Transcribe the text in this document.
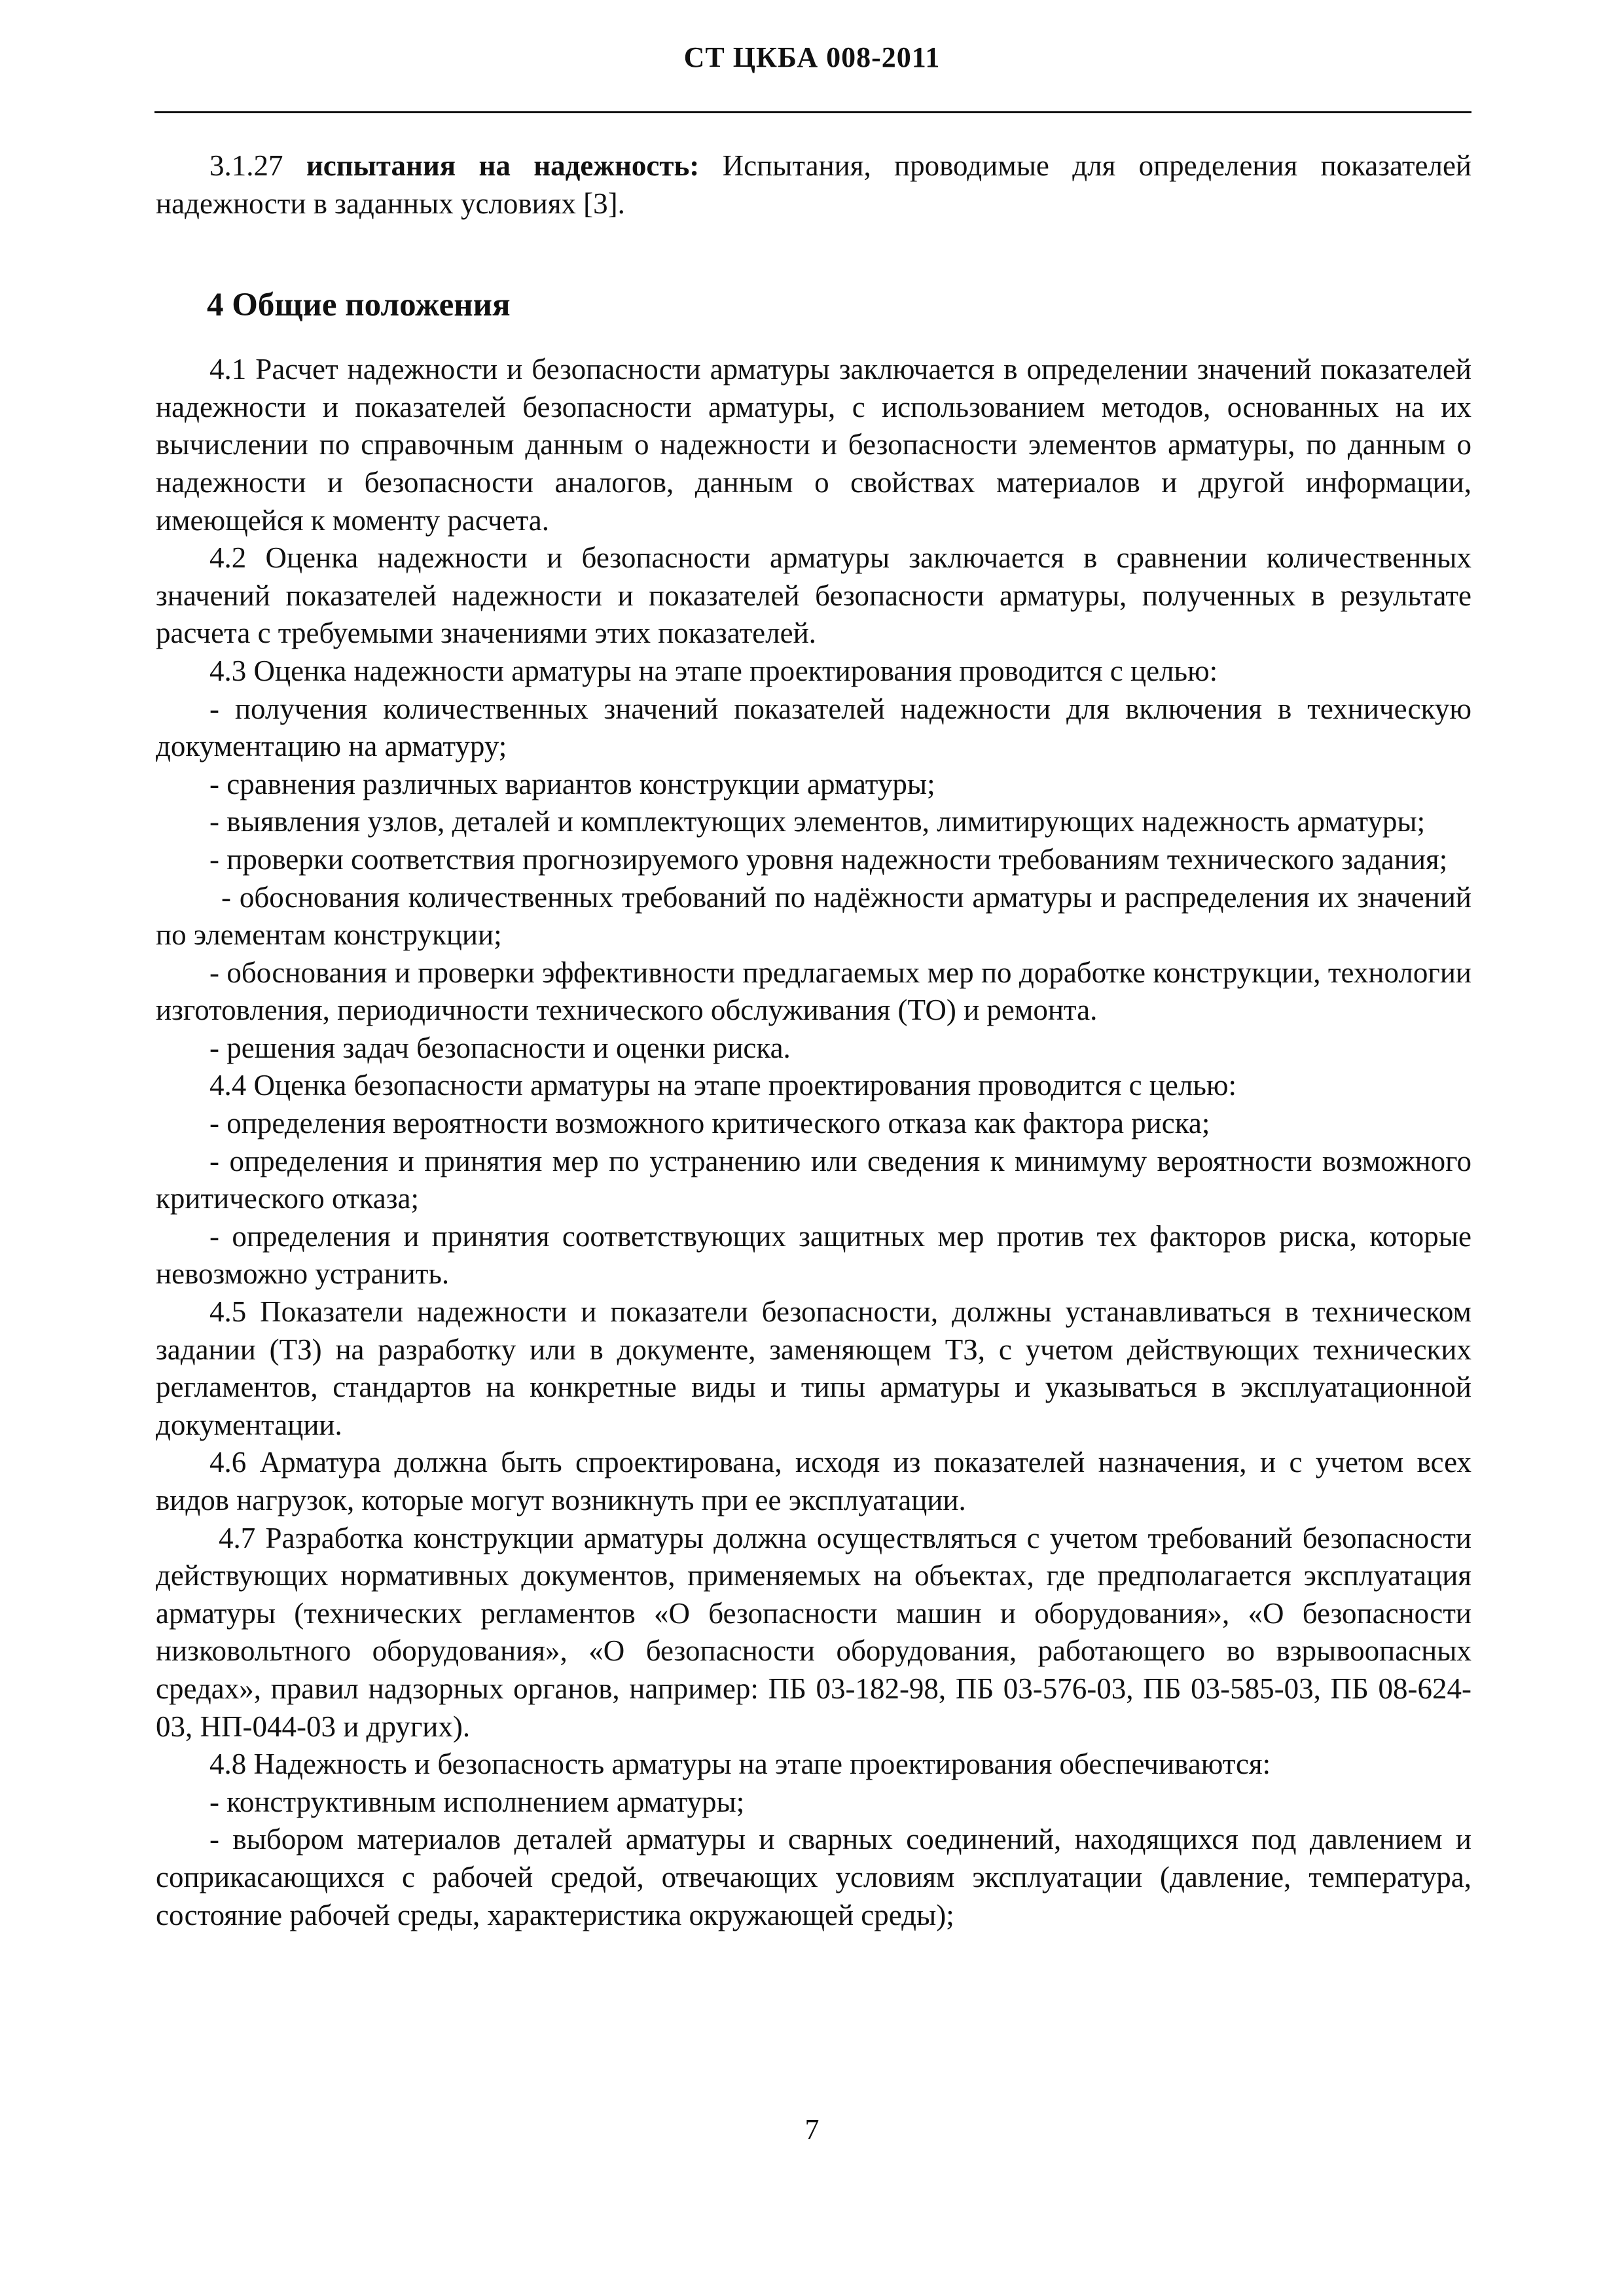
СТ ЦКБА 008-2011

3.1.27 испытания на надежность: Испытания, проводимые для определения показателей надежности в заданных условиях [3].

4 Общие положения

4.1 Расчет надежности и безопасности арматуры заключается в определении значений показателей надежности и показателей безопасности арматуры, с использованием методов, основанных на их вычислении по справочным данным о надежности и безопасности элементов арматуры, по данным о надежности и безопасности аналогов, данным о свойствах материалов и другой информации, имеющейся к моменту расчета.

4.2 Оценка надежности и безопасности арматуры заключается в сравнении количественных значений показателей надежности и показателей безопасности арматуры, полученных в результате расчета с требуемыми значениями этих показателей.

4.3 Оценка надежности арматуры на этапе проектирования проводится с целью:

- получения количественных значений показателей надежности для включения в техническую документацию на арматуру;

- сравнения различных вариантов конструкции арматуры;

- выявления узлов, деталей и комплектующих элементов, лимитирующих надежность арматуры;

- проверки соответствия прогнозируемого уровня надежности требованиям технического задания;

- обоснования количественных требований по надёжности арматуры и распределения их значений по элементам конструкции;

- обоснования и проверки эффективности предлагаемых мер по доработке конструкции, технологии изготовления, периодичности технического обслуживания (ТО) и ремонта.

- решения задач безопасности и оценки риска.

4.4 Оценка безопасности арматуры на этапе проектирования проводится с целью:

- определения вероятности возможного критического отказа как фактора риска;

- определения и принятия мер по устранению или сведения к минимуму вероятности возможного критического отказа;

- определения и принятия соответствующих защитных мер против тех факторов риска, которые невозможно устранить.

4.5 Показатели надежности и показатели безопасности, должны устанавливаться в техническом задании (ТЗ) на разработку или в документе, заменяющем ТЗ, с учетом действующих технических регламентов, стандартов на конкретные виды и типы арматуры и указываться в эксплуатационной документации.

4.6 Арматура должна быть спроектирована, исходя из показателей назначения, и с учетом всех видов нагрузок, которые могут возникнуть при ее эксплуатации.

4.7 Разработка конструкции арматуры должна осуществляться с учетом требований безопасности действующих нормативных документов, применяемых на объектах, где предполагается эксплуатация арматуры (технических регламентов «О безопасности машин и оборудования», «О безопасности низковольтного оборудования», «О безопасности оборудования, работающего во взрывоопасных средах», правил надзорных органов, например: ПБ 03-182-98, ПБ 03-576-03, ПБ 03-585-03, ПБ 08-624-03, НП-044-03 и других).

4.8 Надежность и безопасность арматуры на этапе проектирования обеспечиваются:

- конструктивным исполнением арматуры;

- выбором материалов деталей арматуры и сварных соединений, находящихся под давлением и соприкасающихся с рабочей средой, отвечающих условиям эксплуатации (давление, температура, состояние рабочей среды, характеристика окружающей среды);

7
